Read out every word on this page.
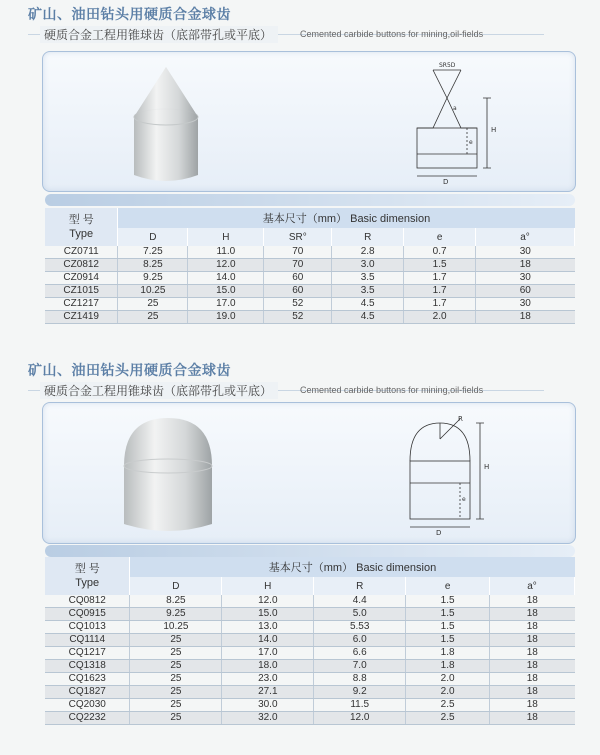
矿山、油田钻头用硬质合金球齿
硬质合金工程用锥球齿（底部带孔或平底）	Cemented carbide buttons for mining,oil-fields
SR5D
H
e
D
a
型 号
Type	基本尺寸（mm） Basic dimension					
	D	H	SR°	R	e	a°
CZ0711	7.25	11.0	70	2.8	0.7	30
CZ0812	8.25	12.0	70	3.0	1.5	18
CZ0914	9.25	14.0	60	3.5	1.7	30
CZ1015	10.25	15.0	60	3.5	1.7	60
CZ1217	25	17.0	52	4.5	1.7	30
CZ1419	25	19.0	52	4.5	2.0	18
矿山、油田钻头用硬质合金球齿
硬质合金工程用锥球齿（底部带孔或平底）	Cemented carbide buttons for mining,oil-fields
R
H
e
D
型 号
Type	基本尺寸（mm） Basic dimension				
	D	H	R	e	a°
CQ0812	8.25	12.0	4.4	1.5	18
CQ0915	9.25	15.0	5.0	1.5	18
CQ1013	10.25	13.0	5.53	1.5	18
CQ1114	25	14.0	6.0	1.5	18
CQ1217	25	17.0	6.6	1.8	18
CQ1318	25	18.0	7.0	1.8	18
CQ1623	25	23.0	8.8	2.0	18
CQ1827	25	27.1	9.2	2.0	18
CQ2030	25	30.0	11.5	2.5	18
CQ2232	25	32.0	12.0	2.5	18
